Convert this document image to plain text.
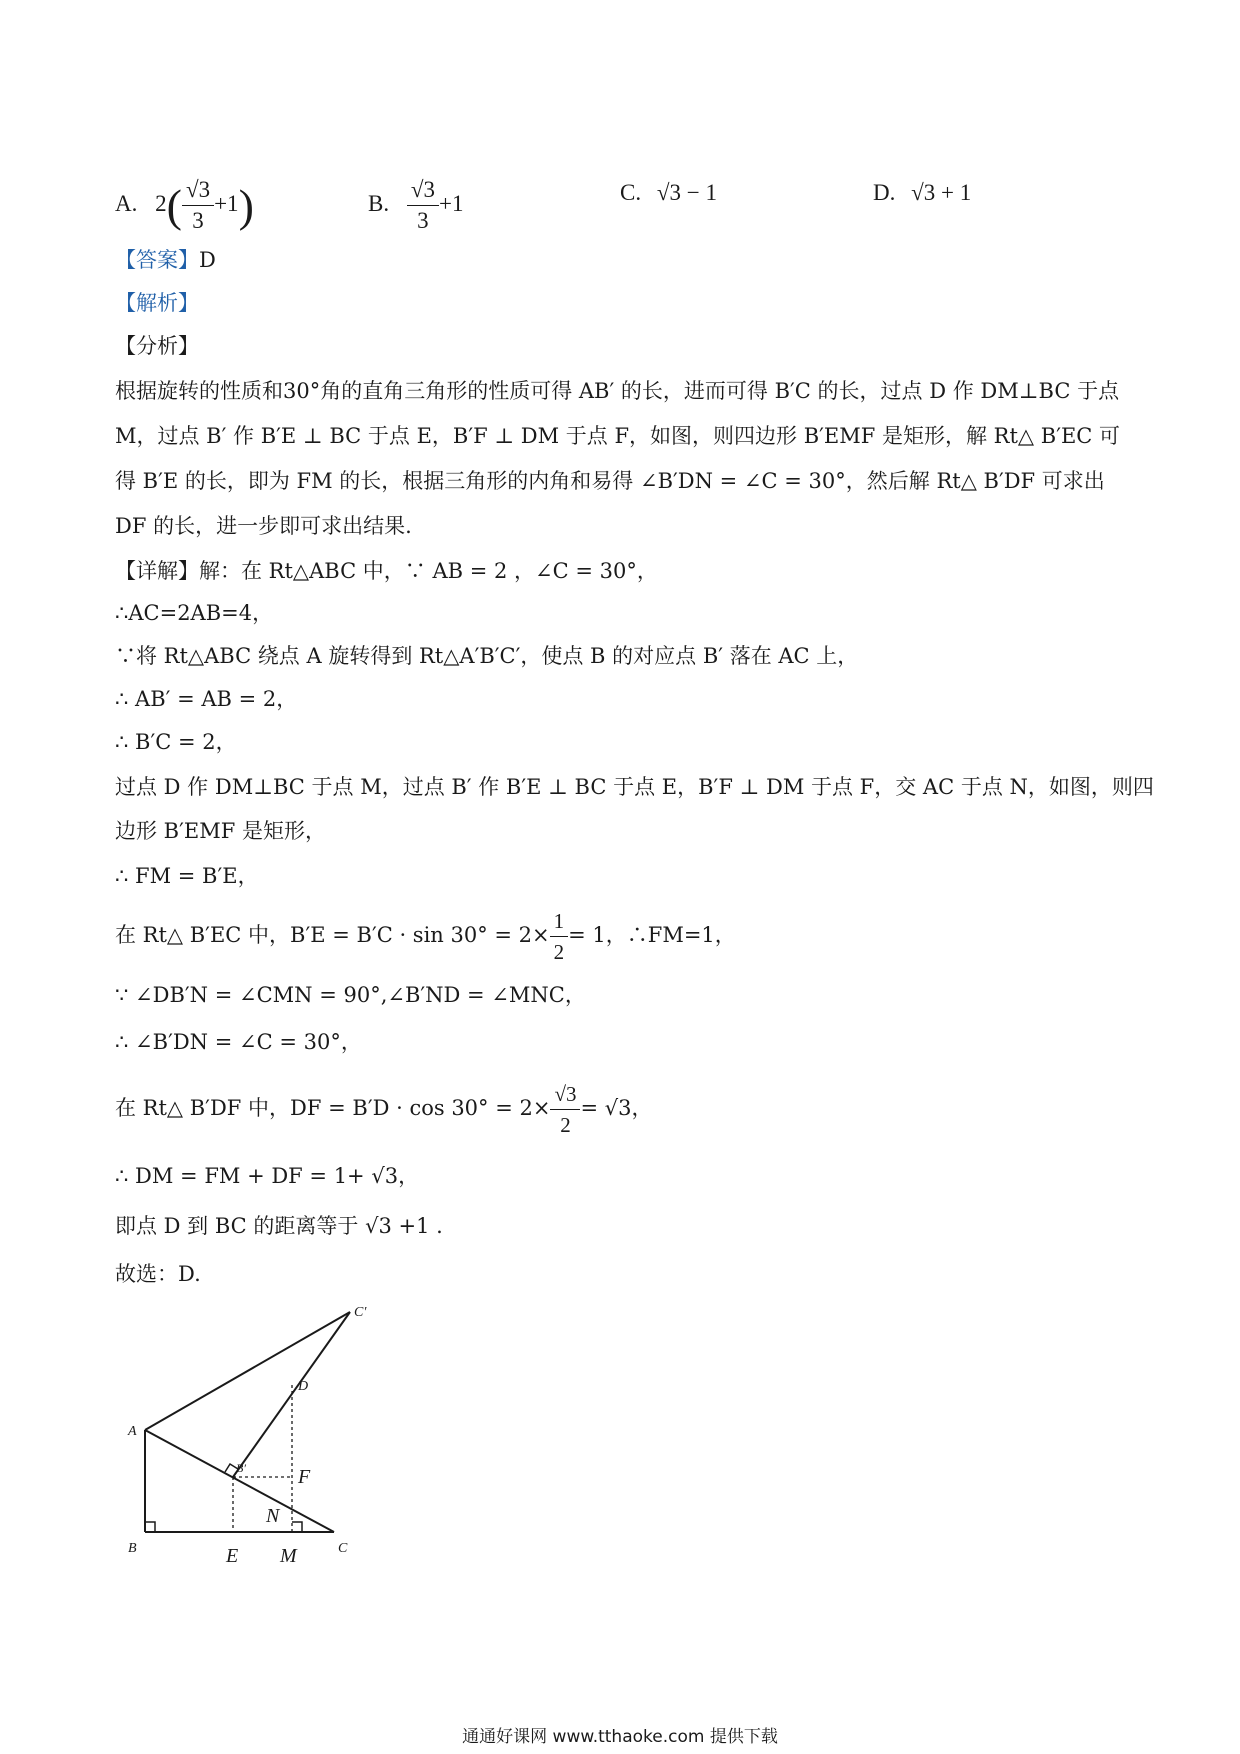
A. $2( \frac{√3}{3} +1)$	B. $\frac{√3}{3} +1$	C. √3 − 1	D. √3 + 1
【答案】D
【解析】
【分析】
根据旋转的性质和30°角的直角三角形的性质可得 AB′ 的长，进而可得 B′C 的长，过点 D 作 DM⊥BC 于点
M，过点 B′ 作 B′E ⊥ BC 于点 E，B′F ⊥ DM 于点 F，如图，则四边形 B′EMF 是矩形，解 Rt△ B′EC 可
得 B′E 的长，即为 FM 的长，根据三角形的内角和易得 ∠B′DN = ∠C = 30°，然后解 Rt△ B′DF 可求出
DF 的长，进一步即可求出结果.
【详解】解：在 Rt△ABC 中，∵ AB = 2 ，∠C = 30°，
∴AC=2AB=4，
∵将 Rt△ABC 绕点 A 旋转得到 Rt△A′B′C′，使点 B 的对应点 B′ 落在 AC 上，
∴ AB′ = AB = 2，
∴ B′C = 2，
过点 D 作 DM⊥BC 于点 M，过点 B′ 作 B′E ⊥ BC 于点 E，B′F ⊥ DM 于点 F，交 AC 于点 N，如图，则四
边形 B′EMF 是矩形，
∴ FM = B′E，
在 Rt△ B′EC 中，$B'E = B'C \cdot \sin 30^\circ = 2\times \frac{1}{2} = 1$，∴FM=1，
∵ ∠DB′N = ∠CMN = 90°,∠B′ND = ∠MNC，
∴ ∠B′DN = ∠C = 30°，
在 Rt△ B′DF 中，DF = $B'D \cdot \cos 30^\circ = 2\times \frac{√3}{2} = √3$，
∴ DM = FM + DF = 1+ √3，
即点 D 到 BC 的距离等于 √3 +1 .
故选：D.
A
B	C
C′
D
B′	F
N
E M
通通好课网 www.tthaoke.com 提供下载
